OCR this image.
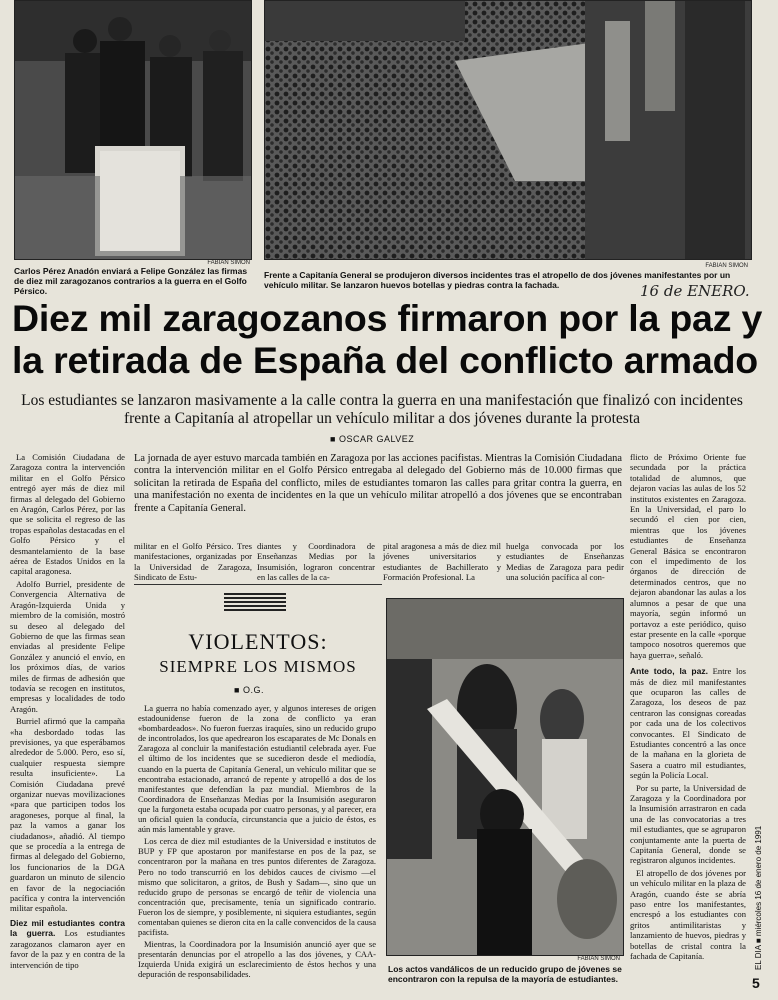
FABIAN SIMON
Carlos Pérez Anadón enviará a Felipe González las firmas de diez mil zaragozanos contrarios a la guerra en el Golfo Pérsico.
FABIAN SIMON
Frente a Capitanía General se produjeron diversos incidentes tras el atropello de dos jóvenes manifestantes por un vehículo militar. Se lanzaron huevos botellas y piedras contra la fachada.	16 de ENERO.
Diez mil zaragozanos firmaron por la paz y
la retirada de España del conflicto armado
Los estudiantes se lanzaron masivamente a la calle contra la guerra en una manifestación que finalizó con incidentes frente a Capitanía al atropellar un vehículo militar a dos jóvenes durante la protesta
■ OSCAR GALVEZ

La Comisión Ciudadana de Zaragoza contra la intervención militar en el Golfo Pérsico entregó ayer más de diez mil firmas al delegado del Gobierno en Aragón, Carlos Pérez, por las que se solicita el regreso de las tropas españolas destacadas en el Golfo Pérsico y el desmantelamiento de la base aérea de Estados Unidos en la capital aragonesa.

Adolfo Burriel, presidente de Convergencia Alternativa de Aragón-Izquierda Unida y miembro de la comisión, mostró su deseo al delegado del Gobierno de que las firmas sean enviadas al presidente Felipe González y anunció el envío, en los próximos días, de varios miles de firmas de adhesión que todavía se recogen en institutos, empresas y localidades de todo Aragón.

Burriel afirmó que la campaña «ha desbordado todas las previsiones, ya que esperábamos alrededor de 5.000. Pero, eso sí, cualquier respuesta siempre resulta insuficiente». La Comisión Ciudadana prevé organizar nuevas movilizaciones «para que participen todos los aragoneses, porque al final, la paz la vamos a ganar los ciudadanos», añadió. Al tiempo que se procedía a la entrega de firmas al delegado del Gobierno, los funcionarios de la DGA guardaron un minuto de silencio en favor de la negociación pacífica y contra la intervención militar española.

Diez mil estudiantes contra la guerra. Los estudiantes zaragozanos clamaron ayer en favor de la paz y en contra de la intervención de tipo

La jornada de ayer estuvo marcada también en Zaragoza por las acciones pacifistas. Mientras la Comisión Ciudadana contra la intervención militar en el Golfo Pérsico entregaba al delegado del Gobierno más de 10.000 firmas que solicitan la retirada de España del conflicto, miles de estudiantes tomaron las calles para gritar contra la guerra, en una manifestación no exenta de incidentes en la que un vehículo militar atropelló a dos jóvenes que se encontraban frente a Capitanía General.
militar en el Golfo Pérsico. Tres manifestaciones, organizadas por la Universidad de Zaragoza, Sindicato de Estu-
diantes y Coordinadora de Enseñanzas Medias por la Insumisión, lograron concentrar en las calles de la ca-
pital aragonesa a más de diez mil jóvenes universitarios y estudiantes de Bachillerato y Formación Profesional. La
huelga convocada por los estudiantes de Enseñanzas Medias de Zaragoza para pedir una solución pacífica al con-
VIOLENTOS:
SIEMPRE LOS MISMOS
■ O.G.

La guerra no había comenzado ayer, y algunos intereses de origen estadounidense fueron de la zona de conflicto ya eran «bombardeados». No fueron fuerzas iraquíes, sino un reducido grupo de incontrolados, los que apedrearon los escaparates de Mc Donals en Zaragoza al concluir la manifestación estudiantil celebrada ayer. Fue el último de los incidentes que se sucedieron desde el mediodía, cuando en la puerta de Capitanía General, un vehículo militar que se encontraba estacionado, arrancó de repente y atropelló a dos de los manifestantes que defendían la paz mundial. Miembros de la Coordinadora de Enseñanzas Medias por la Insumisión aseguraron que la furgoneta estaba ocupada por cuatro personas, y al parecer, era un oficial quien la conducía, circunstancia que a juicio de éstos, es aún más lamentable y grave.

Los cerca de diez mil estudiantes de la Universidad e institutos de BUP y FP que apostaron por manifestarse en pos de la paz, se concentraron por la mañana en tres puntos diferentes de Zaragoza. Pero no todo transcurrió en los debidos cauces de civismo —el mismo que solicitaron, a gritos, de Bush y Sadam—, sino que un reducido grupo de personas se encargó de teñir de violencia una concentración que, precisamente, tenía un significado contrario. Fueron los de siempre, y posiblemente, ni siquiera estudiantes, según comentaban quienes se dieron cita en la calle convencidos de la causa pacifista.

Mientras, la Coordinadora por la Insumisión anunció ayer que se presentarán denuncias por el atropello a las dos jóvenes, y CAA-Izquierda Unida exigirá un esclarecimiento de éstos hechos y una depuración de responsabilidades.

FABIAN SIMON
Los actos vandálicos de un reducido grupo de jóvenes se encontraron con la repulsa de la mayoría de estudiantes.

flicto de Próximo Oriente fue secundada por la práctica totalidad de alumnos, que dejaron vacías las aulas de los 52 institutos existentes en Zaragoza. En la Universidad, el paro lo secundó el cien por cien, mientras que los jóvenes estudiantes de Enseñanza General Básica se encontraron con el impedimento de los órganos de dirección de determinados centros, que no dejaron abandonar las aulas a los alumnos a pesar de que una mayoría, según informó un portavoz a este periódico, quiso estar presente en la calle «porque tampoco nosotros queremos que haya guerra», señaló.

Ante todo, la paz. Entre los más de diez mil manifestantes que ocuparon las calles de Zaragoza, los deseos de paz centraron las consignas coreadas por cada una de los colectivos convocantes. El Sindicato de Estudiantes concentró a las once de la mañana en la glorieta de Sasera a cuatro mil estudiantes, según la Policía Local.

Por su parte, la Universidad de Zaragoza y la Coordinadora por la Insumisión arrastraron en cada una de las convocatorias a tres mil estudiantes, que se agruparon conjuntamente ante la puerta de Capitanía General, donde se registraron algunos incidentes.

El atropello de dos jóvenes por un vehículo militar en la plaza de Aragón, cuando éste se abría paso entre los manifestantes, encrespó a los estudiantes con gritos antimilitaristas y lanzamiento de huevos, piedras y botellas de cristal contra la fachada de Capitanía.	EL DIA ■ miércoles 16 de enero de 1991
5
